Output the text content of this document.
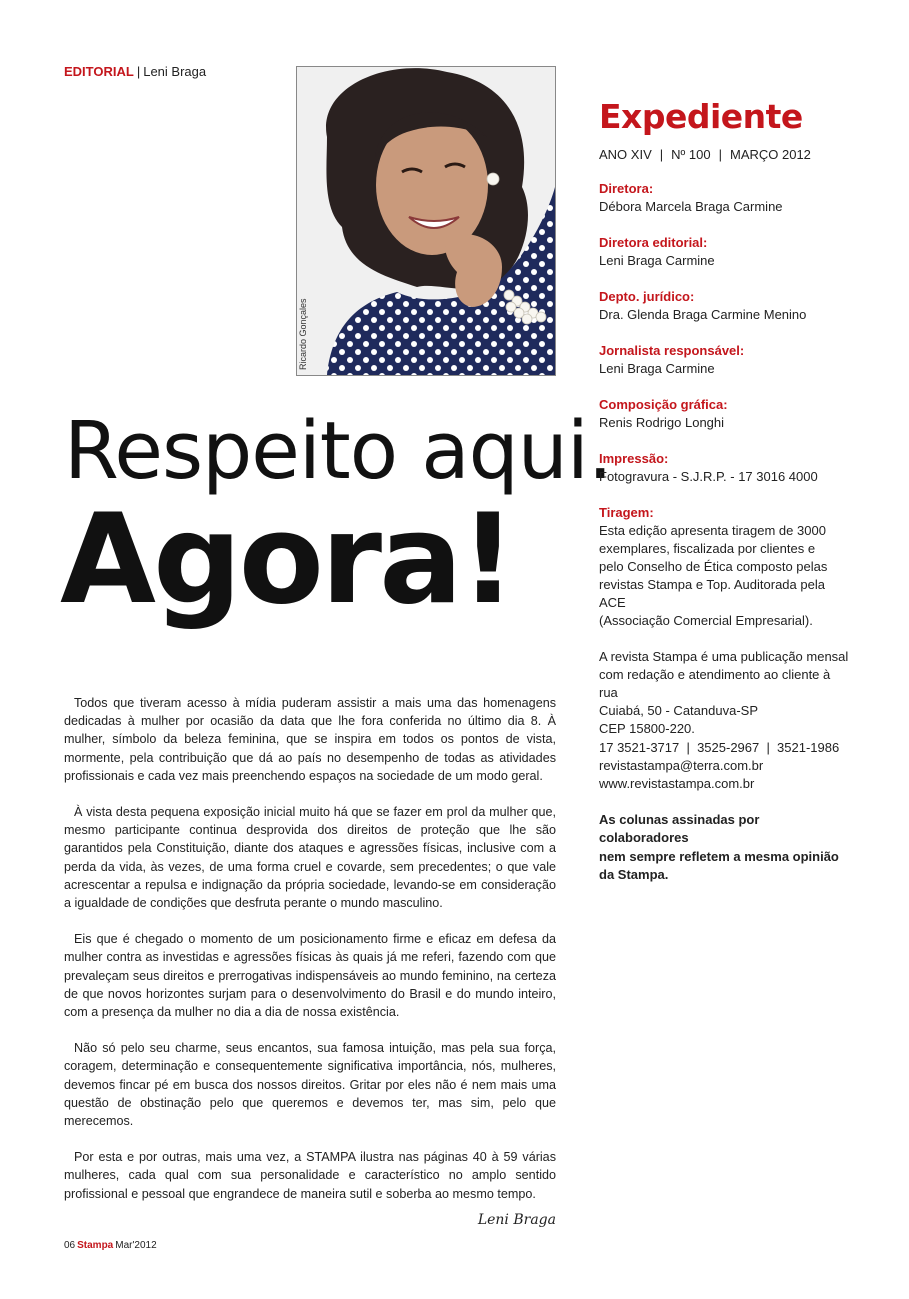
EDITORIAL | Leni Braga
Ricardo Gonçales
Respeito aqui.
Agora!

Todos que tiveram acesso à mídia puderam assistir a mais uma das homenagens dedicadas à mulher por ocasião da data que lhe fora conferida no último dia 8. À mulher, símbolo da beleza feminina, que se inspira em todos os pontos de vista, mormente, pela contribuição que dá ao país no desempenho de todas as atividades profissionais e cada vez mais preenchendo espaços na sociedade de um modo geral.

À vista desta pequena exposição inicial muito há que se fazer em prol da mulher que, mesmo participante continua desprovida dos direitos de proteção que lhe são garantidos pela Constituição, diante dos ataques e agressões físicas, inclusive com a perda da vida, às vezes, de uma forma cruel e covarde, sem precedentes; o que vale acrescentar a repulsa e indignação da própria sociedade, levando-se em consideração a igualdade de condições que desfruta perante o mundo masculino.

Eis que é chegado o momento de um posicionamento firme e eficaz em defesa da mulher contra as investidas e agressões físicas às quais já me referi, fazendo com que prevaleçam seus direitos e prerrogativas indispensáveis ao mundo feminino, na certeza de que novos horizontes surjam para o desenvolvimento do Brasil e do mundo inteiro, com a presença da mulher no dia a dia de nossa existência.

Não só pelo seu charme, seus encantos, sua famosa intuição, mas pela sua força, coragem, determinação e consequentemente significativa importância, nós, mulheres, devemos fincar pé em busca dos nossos direitos. Gritar por eles não é nem mais uma questão de obstinação pelo que queremos e devemos ter, mas sim, pelo que merecemos.

Por esta e por outras, mais uma vez, a STAMPA ilustra nas páginas 40 à 59 várias mulheres, cada qual com sua personalidade e característico no amplo sentido profissional e pessoal que engrandece de maneira sutil e soberba ao mesmo tempo.

Leni Braga
06 Stampa Mar'2012
Expediente
ANO XIV | Nº 100 | MARÇO 2012
Diretora:
Débora Marcela Braga Carmine
Diretora editorial:
Leni Braga Carmine
Depto. jurídico:
Dra. Glenda Braga Carmine Menino
Jornalista responsável:
Leni Braga Carmine
Composição gráfica:
Renis Rodrigo Longhi
Impressão:
Fotogravura - S.J.R.P. - 17 3016 4000
Tiragem:
Esta edição apresenta tiragem de 3000
exemplares, fiscalizada por clientes e
pelo Conselho de Ética composto pelas
revistas Stampa e Top. Auditorada pela ACE
(Associação Comercial Empresarial).
A revista Stampa é uma publicação mensal
com redação e atendimento ao cliente à rua
Cuiabá, 50 - Catanduva-SP
CEP 15800-220.
17 3521-3717  |  3525-2967  |  3521-1986
revistastampa@terra.com.br
www.revistastampa.com.br
As colunas assinadas por colaboradores
nem sempre refletem a mesma opinião
da Stampa.
